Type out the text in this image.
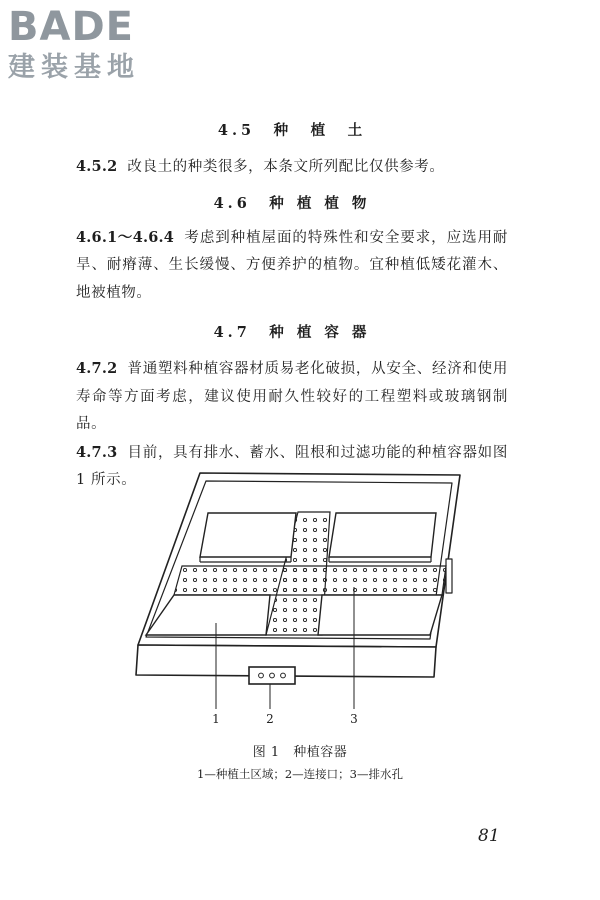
BADE
建装基地
4.5　种　植　土

4.5.2 改良土的种类很多，本条文所列配比仅供参考。

4.6　种 植 植 物

4.6.1～4.6.4 考虑到种植屋面的特殊性和安全要求，应选用耐旱、耐瘠薄、生长缓慢、方便养护的植物。宜种植低矮花灌木、地被植物。

4.7　种 植 容 器

4.7.2 普通塑料种植容器材质易老化破损，从安全、经济和使用寿命等方面考虑，建议使用耐久性较好的工程塑料或玻璃钢制品。

4.7.3 目前，具有排水、蓄水、阻根和过滤功能的种植容器如图 1 所示。

1	2	3
图 1　种植容器
1—种植土区域；2—连接口；3—排水孔
81
